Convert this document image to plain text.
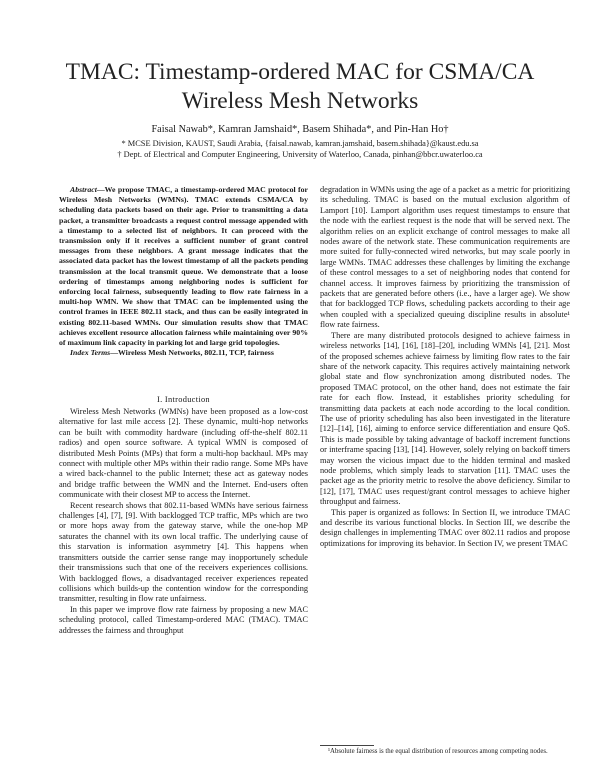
TMAC: Timestamp-ordered MAC for CSMA/CA
Wireless Mesh Networks
Faisal Nawab*, Kamran Jamshaid*, Basem Shihada*, and Pin-Han Ho†
* MCSE Division, KAUST, Saudi Arabia, {faisal.nawab, kamran.jamshaid, basem.shihada}@kaust.edu.sa
† Dept. of Electrical and Computer Engineering, University of Waterloo, Canada, pinhan@bbcr.uwaterloo.ca

Abstract—We propose TMAC, a timestamp-ordered MAC protocol for Wireless Mesh Networks (WMNs). TMAC extends CSMA/CA by scheduling data packets based on their age. Prior to transmitting a data packet, a transmitter broadcasts a request control message appended with a timestamp to a selected list of neighbors. It can proceed with the transmission only if it receives a sufficient number of grant control messages from these neighbors. A grant message indicates that the associated data packet has the lowest timestamp of all the packets pending transmission at the local transmit queue. We demonstrate that a loose ordering of timestamps among neighboring nodes is sufficient for enforcing local fairness, subsequently leading to flow rate fairness in a multi-hop WMN. We show that TMAC can be implemented using the control frames in IEEE 802.11 stack, and thus can be easily integrated in existing 802.11-based WMNs. Our simulation results show that TMAC achieves excellent resource allocation fairness while maintaining over 90% of maximum link capacity in parking lot and large grid topologies.

Index Terms—Wireless Mesh Networks, 802.11, TCP, fairness

I. Introduction

Wireless Mesh Networks (WMNs) have been proposed as a low-cost alternative for last mile access [2]. These dynamic, multi-hop networks can be built with commodity hardware (including off-the-shelf 802.11 radios) and open source software. A typical WMN is composed of distributed Mesh Points (MPs) that form a multi-hop backhaul. MPs may connect with multiple other MPs within their radio range. Some MPs have a wired back-channel to the public Internet; these act as gateway nodes and bridge traffic between the WMN and the Internet. End-users often communicate with their closest MP to access the Internet.

Recent research shows that 802.11-based WMNs have serious fairness challenges [4], [7], [9]. With backlogged TCP traffic, MPs which are two or more hops away from the gateway starve, while the one-hop MP saturates the channel with its own local traffic. The underlying cause of this starvation is information asymmetry [4]. This happens when transmitters outside the carrier sense range may inopportunely schedule their transmissions such that one of the receivers experiences collisions. With backlogged flows, a disadvantaged receiver experiences repeated collisions which builds-up the contention window for the corresponding transmitter, resulting in flow rate unfairness.

In this paper we improve flow rate fairness by proposing a new MAC scheduling protocol, called Timestamp-ordered MAC (TMAC). TMAC addresses the fairness and throughput

degradation in WMNs using the age of a packet as a metric for prioritizing its scheduling. TMAC is based on the mutual exclusion algorithm of Lamport [10]. Lamport algorithm uses request timestamps to ensure that the node with the earliest request is the node that will be served next. The algorithm relies on an explicit exchange of control messages to make all nodes aware of the network state. These communication requirements are more suited for fully-connected wired networks, but may scale poorly in large WMNs. TMAC addresses these challenges by limiting the exchange of these control messages to a set of neighboring nodes that contend for channel access. It improves fairness by prioritizing the transmission of packets that are generated before others (i.e., have a larger age). We show that for backlogged TCP flows, scheduling packets according to their age when coupled with a specialized queuing discipline results in absolute¹ flow rate fairness.

There are many distributed protocols designed to achieve fairness in wireless networks [14], [16], [18]–[20], including WMNs [4], [21]. Most of the proposed schemes achieve fairness by limiting flow rates to the fair share of the network capacity. This requires actively maintaining network global state and flow synchronization among distributed nodes. The proposed TMAC protocol, on the other hand, does not estimate the fair rate for each flow. Instead, it establishes priority scheduling for transmitting data packets at each node according to the local condition. The use of priority scheduling has also been investigated in the literature [12]–[14], [16], aiming to enforce service differentiation and ensure QoS. This is made possible by taking advantage of backoff increment functions or interframe spacing [13], [14]. However, solely relying on backoff timers may worsen the vicious impact due to the hidden terminal and masked node problems, which simply leads to starvation [11]. TMAC uses the packet age as the priority metric to resolve the above deficiency. Similar to [12], [17], TMAC uses request/grant control messages to achieve higher throughput and fairness.

This paper is organized as follows: In Section II, we introduce TMAC and describe its various functional blocks. In Section III, we describe the design challenges in implementing TMAC over 802.11 radios and propose optimizations for improving its behavior. In Section IV, we present TMAC

¹Absolute fairness is the equal distribution of resources among competing nodes.
